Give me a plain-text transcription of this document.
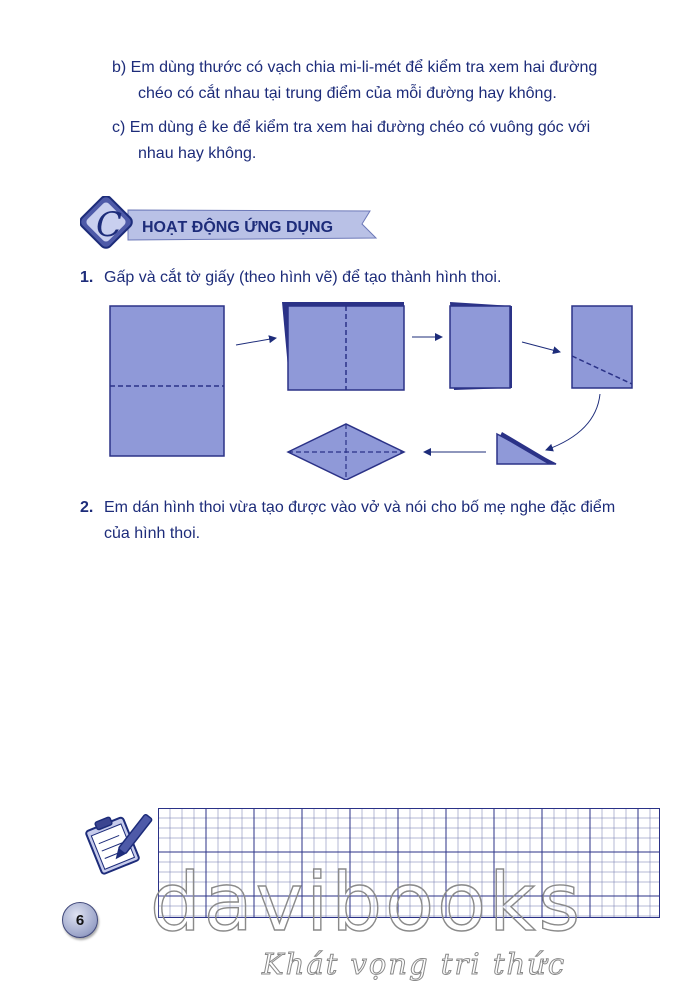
b) Em dùng thước có vạch chia mi-li-mét để kiểm tra xem hai đường
chéo có cắt nhau tại trung điểm của mỗi đường hay không.
c) Em dùng ê ke để kiểm tra xem hai đường chéo có vuông góc với
nhau hay không.
C HOẠT ĐỘNG ỨNG DỤNG
1. Gấp và cắt tờ giấy (theo hình vẽ) để tạo thành hình thoi.
2. Em dán hình thoi vừa tạo được vào vở và nói cho bố mẹ nghe đặc điểm
của hình thoi.
6 davibooks
Khát vọng tri thức
